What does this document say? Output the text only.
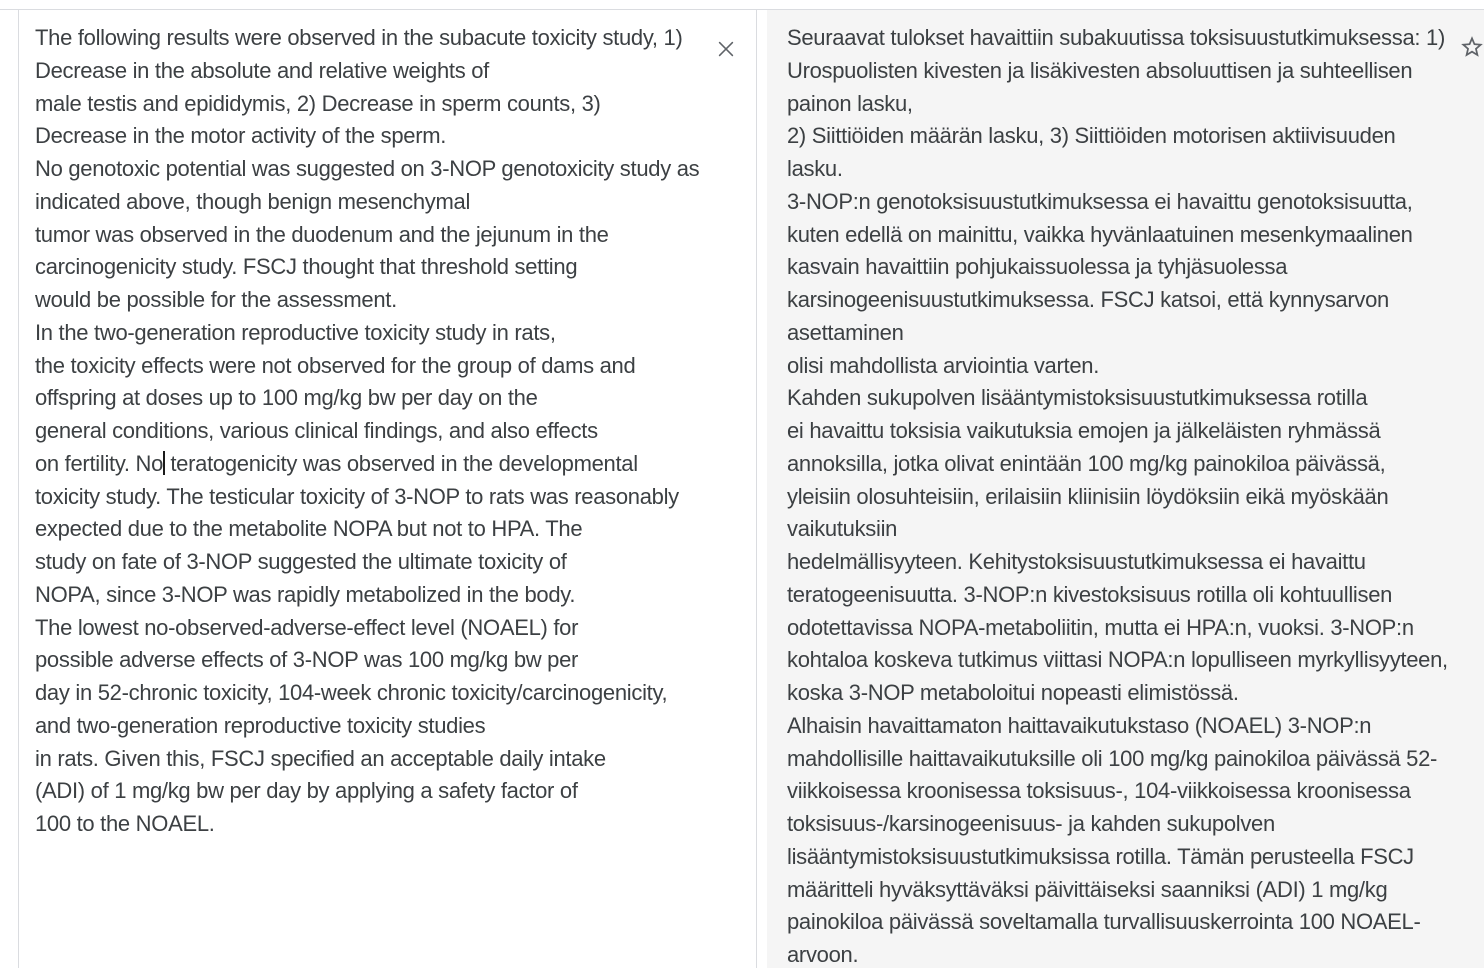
The following results were observed in the subacute toxicity study, 1)
Decrease in the absolute and relative weights of
male testis and epididymis, 2) Decrease in sperm counts, 3)
Decrease in the motor activity of the sperm.
No genotoxic potential was suggested on 3-NOP genotoxicity study as
indicated above, though benign mesenchymal
tumor was observed in the duodenum and the jejunum in the
carcinogenicity study. FSCJ thought that threshold setting
would be possible for the assessment.
In the two-generation reproductive toxicity study in rats,
the toxicity effects were not observed for the group of dams and
offspring at doses up to 100 mg/kg bw per day on the
general conditions, various clinical findings, and also effects
on fertility. No teratogenicity was observed in the developmental
toxicity study. The testicular toxicity of 3-NOP to rats was reasonably
expected due to the metabolite NOPA but not to HPA. The
study on fate of 3-NOP suggested the ultimate toxicity of
NOPA, since 3-NOP was rapidly metabolized in the body.
The lowest no-observed-adverse-effect level (NOAEL) for
possible adverse effects of 3-NOP was 100 mg/kg bw per
day in 52-chronic toxicity, 104-week chronic toxicity/carcinogenicity,
and two-generation reproductive toxicity studies
in rats. Given this, FSCJ specified an acceptable daily intake
(ADI) of 1 mg/kg bw per day by applying a safety factor of
100 to the NOAEL.
Seuraavat tulokset havaittiin subakuutissa toksisuustutkimuksessa: 1)
Urospuolisten kivesten ja lisäkivesten absoluuttisen ja suhteellisen
painon lasku,
2) Siittiöiden määrän lasku, 3) Siittiöiden motorisen aktiivisuuden
lasku.
3-NOP:n genotoksisuustutkimuksessa ei havaittu genotoksisuutta,
kuten edellä on mainittu, vaikka hyvänlaatuinen mesenkymaalinen
kasvain havaittiin pohjukaissuolessa ja tyhjäsuolessa
karsinogeenisuustutkimuksessa. FSCJ katsoi, että kynnysarvon
asettaminen
olisi mahdollista arviointia varten.
Kahden sukupolven lisääntymistoksisuustutkimuksessa rotilla
ei havaittu toksisia vaikutuksia emojen ja jälkeläisten ryhmässä
annoksilla, jotka olivat enintään 100 mg/kg painokiloa päivässä,
yleisiin olosuhteisiin, erilaisiin kliinisiin löydöksiin eikä myöskään
vaikutuksiin
hedelmällisyyteen. Kehitystoksisuustutkimuksessa ei havaittu
teratogeenisuutta. 3-NOP:n kivestoksisuus rotilla oli kohtuullisen
odotettavissa NOPA-metaboliitin, mutta ei HPA:n, vuoksi. 3-NOP:n
kohtaloa koskeva tutkimus viittasi NOPA:n lopulliseen myrkyllisyyteen,
koska 3-NOP metaboloitui nopeasti elimistössä.
Alhaisin havaittamaton haittavaikutukstaso (NOAEL) 3-NOP:n
mahdollisille haittavaikutuksille oli 100 mg/kg painokiloa päivässä 52-
viikkoisessa kroonisessa toksisuus-, 104-viikkoisessa kroonisessa
toksisuus-/karsinogeenisuus- ja kahden sukupolven
lisääntymistoksisuustutkimuksissa rotilla. Tämän perusteella FSCJ
määritteli hyväksyttäväksi päivittäiseksi saanniksi (ADI) 1 mg/kg
painokiloa päivässä soveltamalla turvallisuuskerrointa 100 NOAEL-
arvoon.
